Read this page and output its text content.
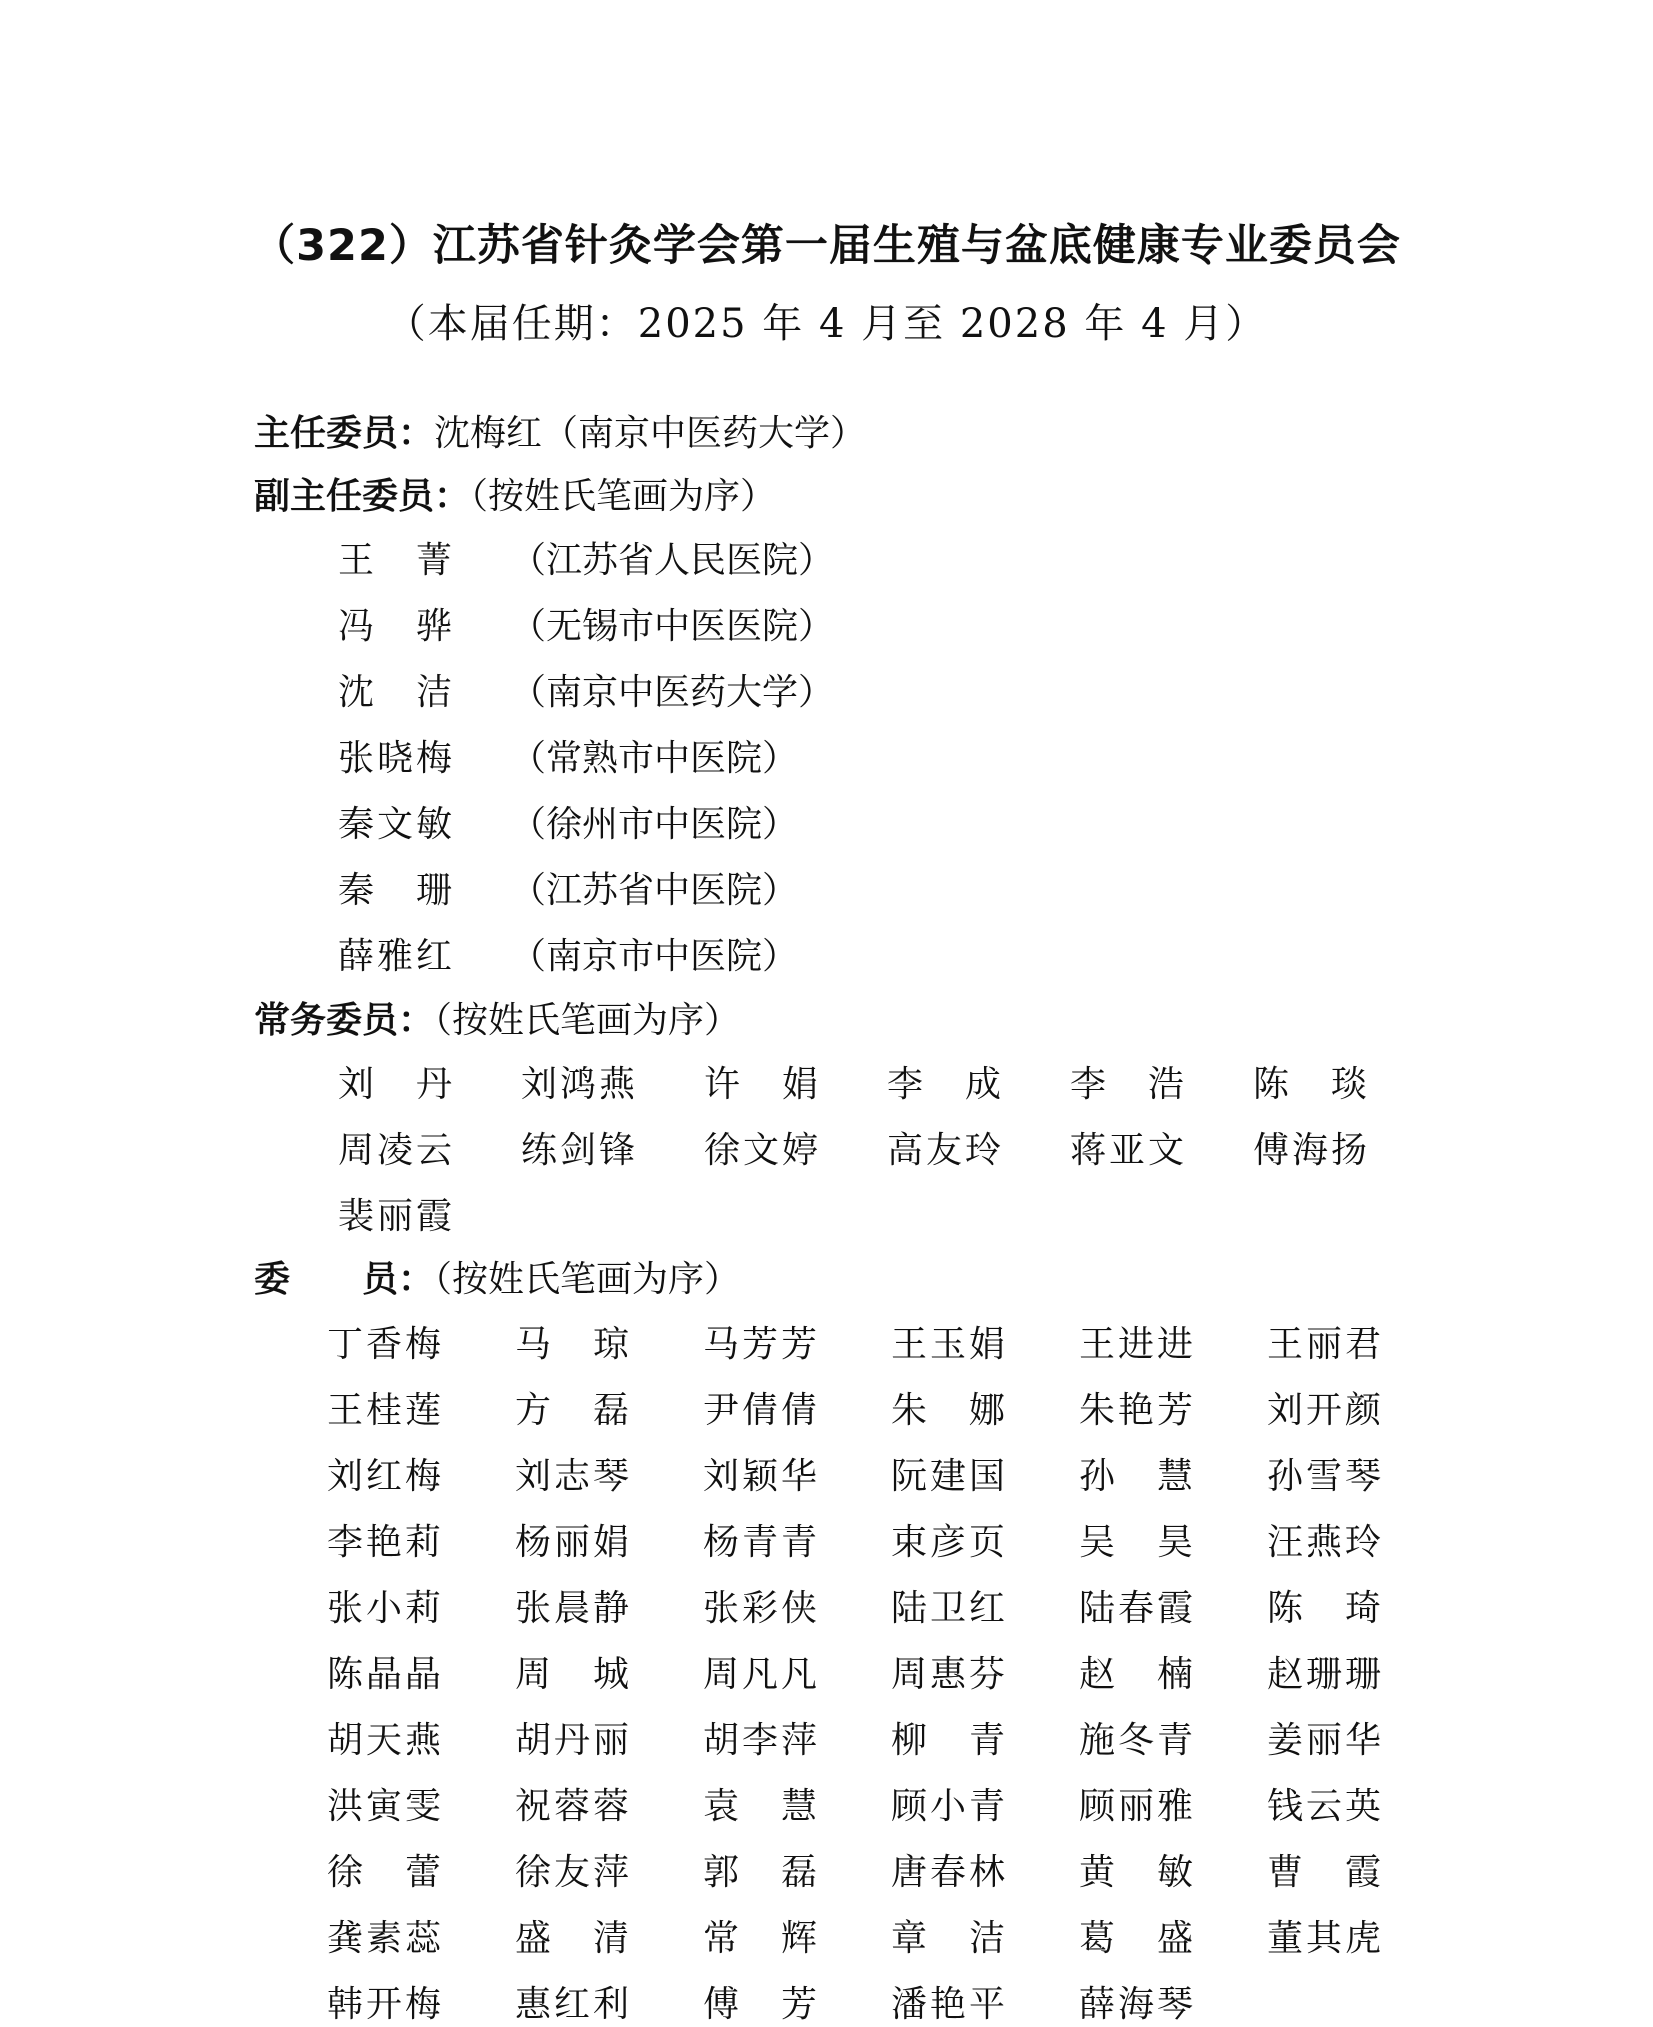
（322）江苏省针灸学会第一届生殖与盆底健康专业委员会
（本届任期：2025 年 4 月至 2028 年 4 月）
主任委员：沈梅红（南京中医药大学）
副主任委员：（按姓氏笔画为序）
王 菁 （江苏省人民医院）
冯 骅 （无锡市中医医院）
沈 洁 （南京中医药大学）
张 晓 梅 （常熟市中医院）
秦 文 敏 （徐州市中医院）
秦 珊 （江苏省中医院）
薛 雅 红 （南京市中医院）
常务委员：（按姓氏笔画为序）
刘 丹 刘 鸿 燕 许 娟 李 成 李 浩 陈 琰
周 凌 云 练 剑 锋 徐 文 婷 高 友 玲 蒋 亚 文 傅 海 扬
裴 丽 霞
委　　员：（按姓氏笔画为序）
丁 香 梅 马 琼 马 芳 芳 王 玉 娟 王 进 进 王 丽 君
王 桂 莲 方 磊 尹 倩 倩 朱 娜 朱 艳 芳 刘 开 颜
刘 红 梅 刘 志 琴 刘 颖 华 阮 建 国 孙 慧 孙 雪 琴
李 艳 莉 杨 丽 娟 杨 青 青 束 彦 页 吴 昊 汪 燕 玲
张 小 莉 张 晨 静 张 彩 侠 陆 卫 红 陆 春 霞 陈 琦
陈 晶 晶 周 城 周 凡 凡 周 惠 芬 赵 楠 赵 珊 珊
胡 天 燕 胡 丹 丽 胡 李 萍 柳 青 施 冬 青 姜 丽 华
洪 寅 雯 祝 蓉 蓉 袁 慧 顾 小 青 顾 丽 雅 钱 云 英
徐 蕾 徐 友 萍 郭 磊 唐 春 林 黄 敏 曹 霞
龚 素 蕊 盛 清 常 辉 章 洁 葛 盛 董 其 虎
韩 开 梅 惠 红 利 傅 芳 潘 艳 平 薛 海 琴
